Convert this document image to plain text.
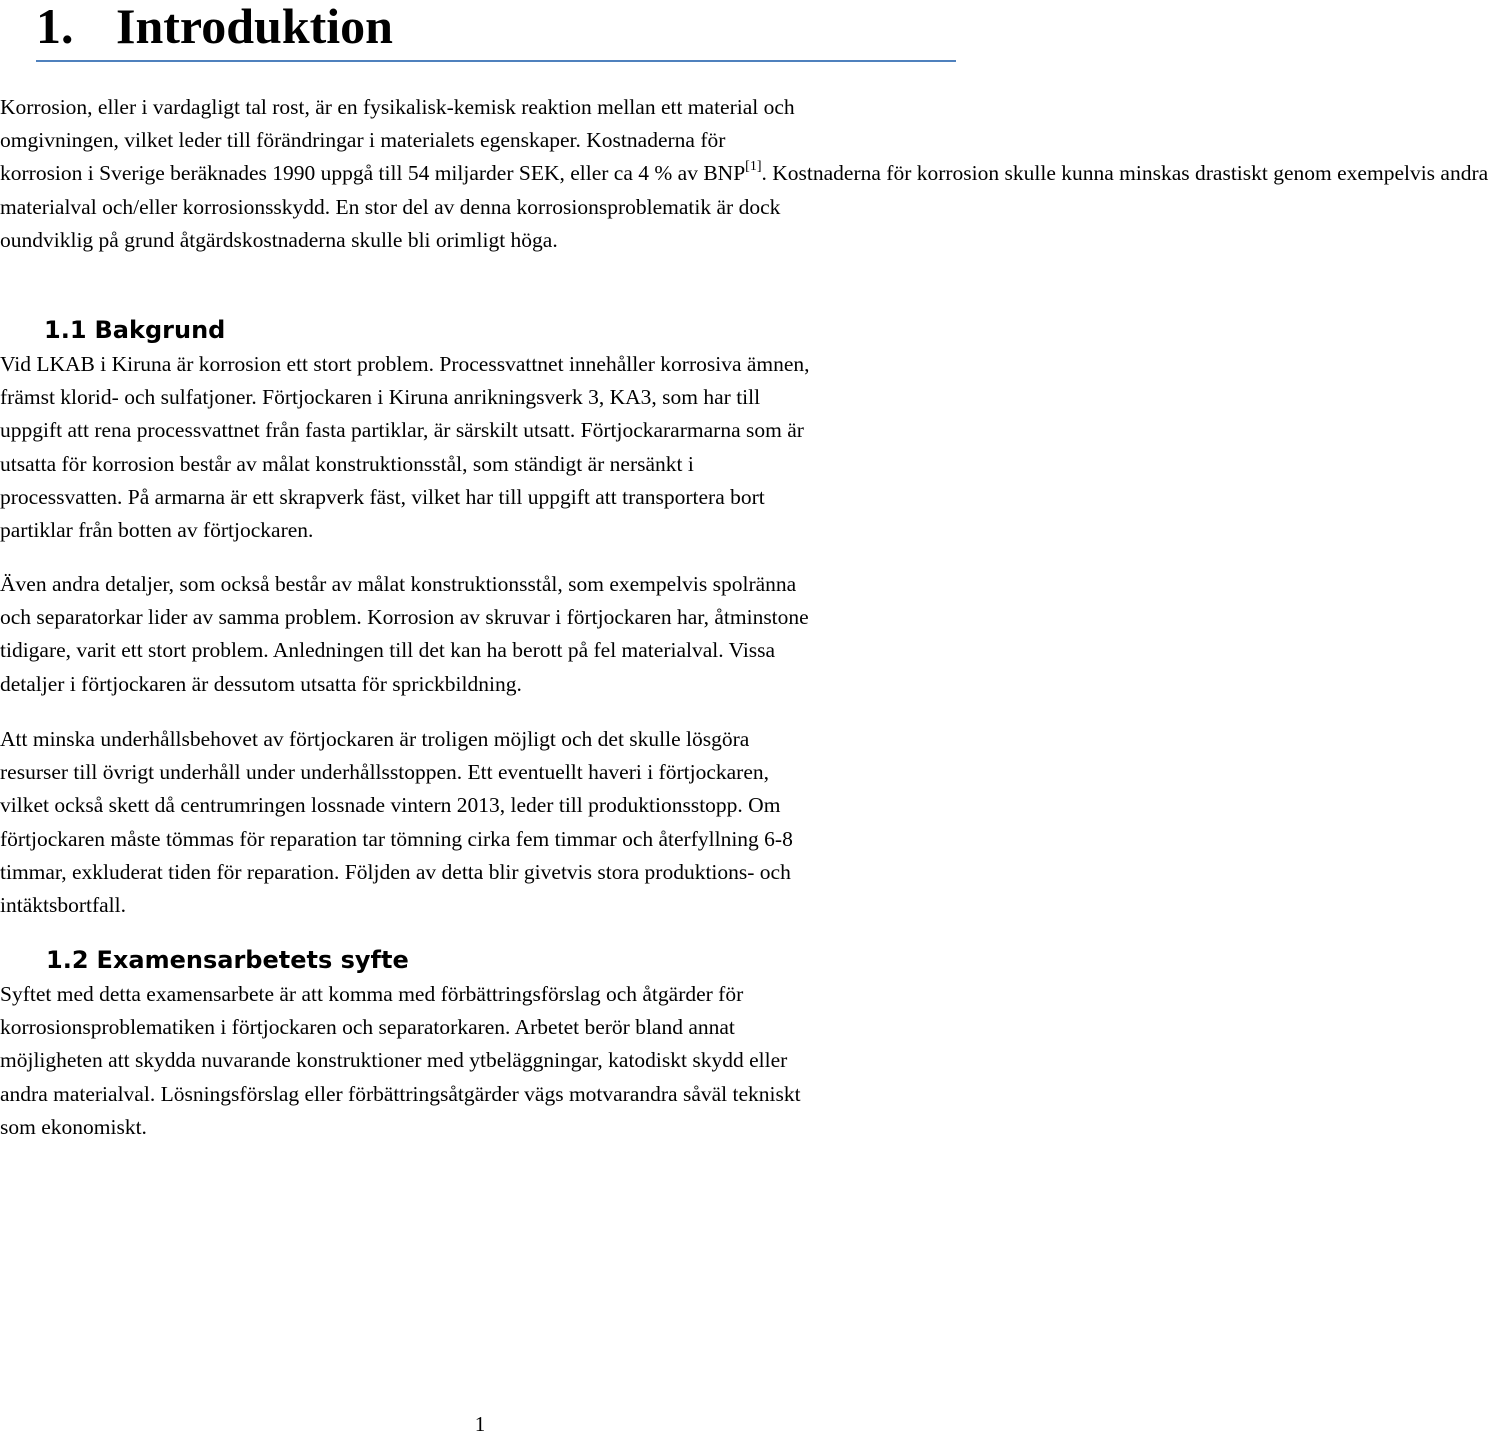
1. Introduktion
Korrosion, eller i vardagligt tal rost, är en fysikalisk-kemisk reaktion mellan ett material och
omgivningen, vilket leder till förändringar i materialets egenskaper. Kostnaderna för
korrosion i Sverige beräknades 1990 uppgå till 54 miljarder SEK, eller ca 4 % av BNP[1]. Kostnaderna för korrosion skulle kunna minskas drastiskt genom exempelvis andra
materialval och/eller korrosionsskydd. En stor del av denna korrosionsproblematik är dock
oundviklig på grund åtgärdskostnaderna skulle bli orimligt höga.
1.1 Bakgrund
Vid LKAB i Kiruna är korrosion ett stort problem. Processvattnet innehåller korrosiva ämnen,
främst klorid- och sulfatjoner. Förtjockaren i Kiruna anrikningsverk 3, KA3, som har till
uppgift att rena processvattnet från fasta partiklar, är särskilt utsatt. Förtjockararmarna som är
utsatta för korrosion består av målat konstruktionsstål, som ständigt är nersänkt i
processvatten. På armarna är ett skrapverk fäst, vilket har till uppgift att transportera bort
partiklar från botten av förtjockaren.
Även andra detaljer, som också består av målat konstruktionsstål, som exempelvis spolränna
och separatorkar lider av samma problem. Korrosion av skruvar i förtjockaren har, åtminstone
tidigare, varit ett stort problem. Anledningen till det kan ha berott på fel materialval. Vissa
detaljer i förtjockaren är dessutom utsatta för sprickbildning.
Att minska underhållsbehovet av förtjockaren är troligen möjligt och det skulle lösgöra
resurser till övrigt underhåll under underhållsstoppen. Ett eventuellt haveri i förtjockaren,
vilket också skett då centrumringen lossnade vintern 2013, leder till produktionsstopp. Om
förtjockaren måste tömmas för reparation tar tömning cirka fem timmar och återfyllning 6-8
timmar, exkluderat tiden för reparation. Följden av detta blir givetvis stora produktions- och
intäktsbortfall.
1.2 Examensarbetets syfte
Syftet med detta examensarbete är att komma med förbättringsförslag och åtgärder för
korrosionsproblematiken i förtjockaren och separatorkaren. Arbetet berör bland annat
möjligheten att skydda nuvarande konstruktioner med ytbeläggningar, katodiskt skydd eller
andra materialval. Lösningsförslag eller förbättringsåtgärder vägs motvarandra såväl tekniskt
som ekonomiskt.
1
